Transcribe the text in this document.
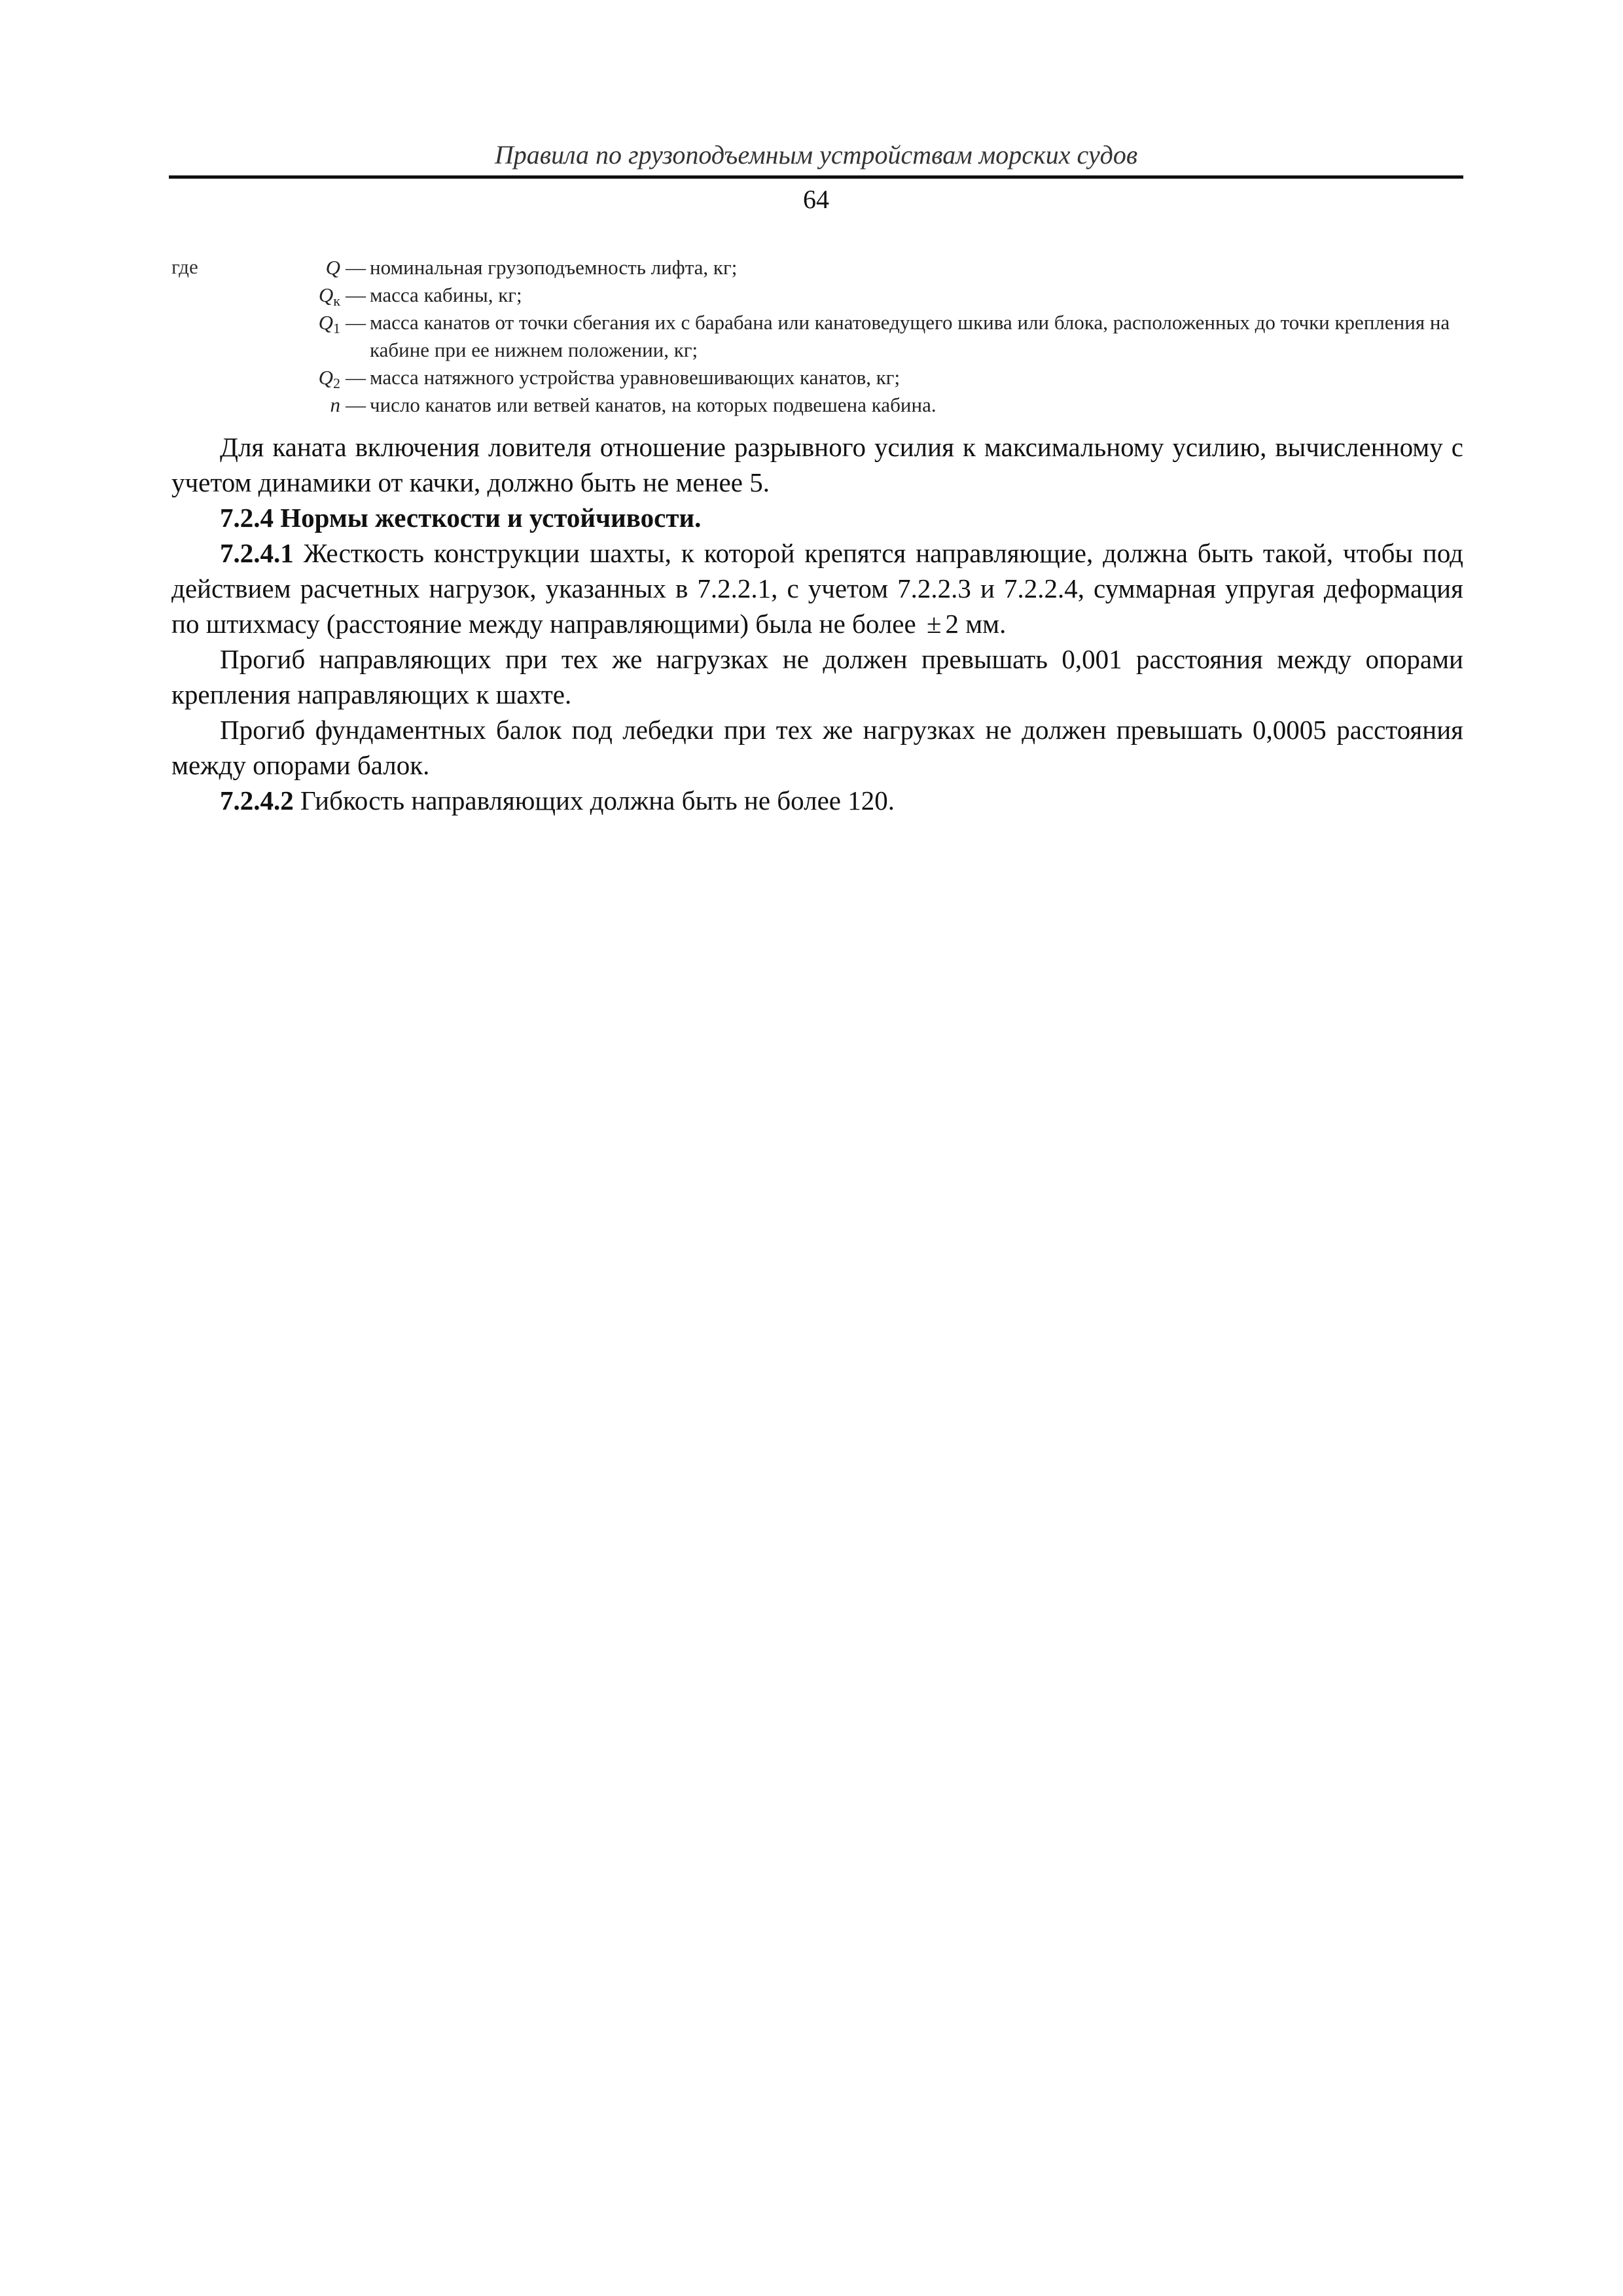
Правила по грузоподъемным устройствам морских судов
64
где	Q — номинальная грузоподъемность лифта, кг;
$Q_к$ — масса кабины, кг;
$Q_1$ — масса канатов от точки сбегания их с барабана или канатоведущего шкива или блока, расположенных до точки крепления на кабине при ее нижнем положении, кг;
$Q_2$ — масса натяжного устройства уравновешивающих канатов, кг;
n — число канатов или ветвей канатов, на которых подвешена кабина.

Для каната включения ловителя отношение разрывного усилия к максимальному усилию, вычисленному с учетом динамики от качки, должно быть не менее 5.

7.2.4 Нормы жесткости и устойчивости.

7.2.4.1 Жесткость конструкции шахты, к которой крепятся направляющие, должна быть такой, чтобы под действием расчетных нагрузок, указанных в 7.2.2.1, с учетом 7.2.2.3 и 7.2.2.4, суммарная упругая деформация по штихмасу (расстояние между направляющими) была не более ± 2 мм.

Прогиб направляющих при тех же нагрузках не должен превышать 0,001 расстояния между опорами крепления направляющих к шахте.

Прогиб фундаментных балок под лебедки при тех же нагрузках не должен превышать 0,0005 расстояния между опорами балок.

7.2.4.2 Гибкость направляющих должна быть не более 120.
